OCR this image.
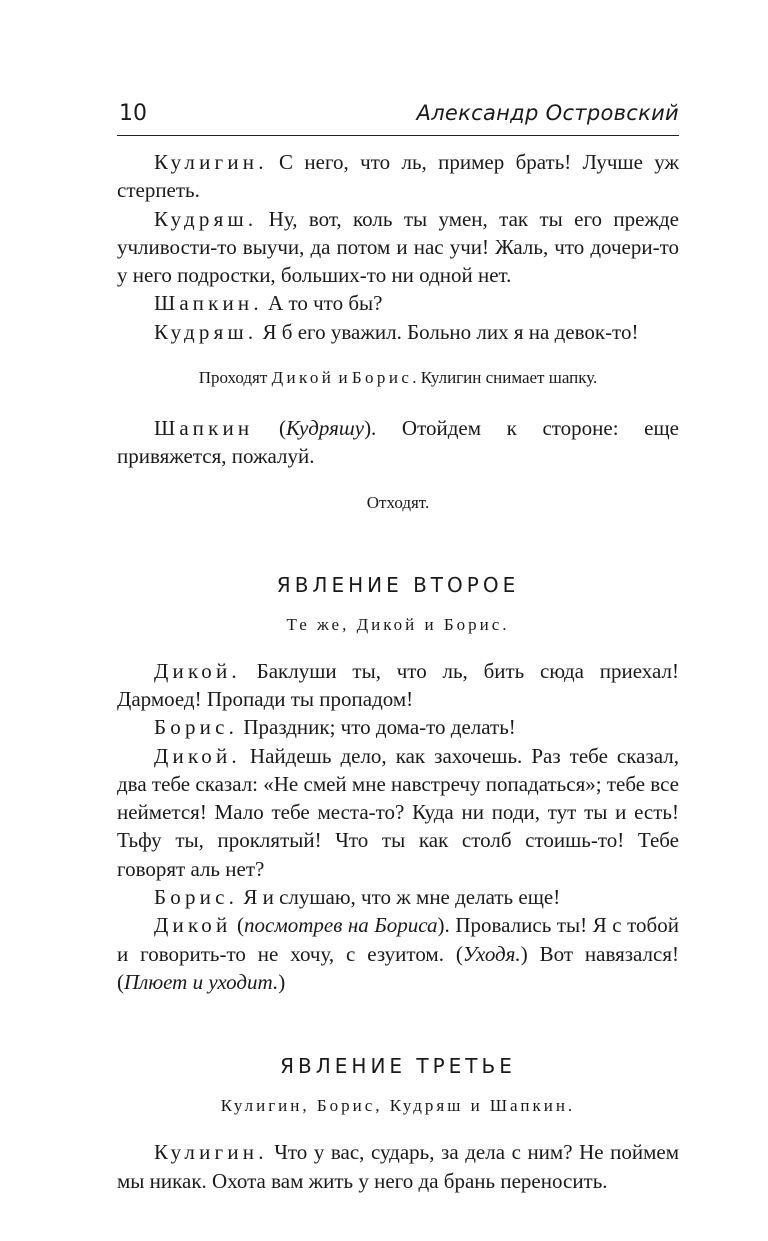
10	Александр Островский

Кулигин. С него, что ль, пример брать! Лучше уж стерпеть.

Кудряш. Ну, вот, коль ты умен, так ты его прежде учливости-то выучи, да потом и нас учи! Жаль, что дочери-то у него подростки, больших-то ни одной нет.

Шапкин. А то что бы?

Кудряш. Я б его уважил. Больно лих я на девок-то!

Проходят Дикой и Борис. Кулигин снимает шапку.

Шапкин (Кудряшу). Отойдем к стороне: еще привяжется, пожалуй.

Отходят.
ЯВЛЕНИЕ ВТОРОЕ
Те же, Дикой и Борис.

Дикой. Баклуши ты, что ль, бить сюда приехал! Дармоед! Пропади ты пропадом!

Борис. Праздник; что дома-то делать!

Дикой. Найдешь дело, как захочешь. Раз тебе сказал, два тебе сказал: «Не смей мне навстречу попадаться»; тебе все неймется! Мало тебе места-то? Куда ни поди, тут ты и есть! Тьфу ты, проклятый! Что ты как столб стоишь-то! Тебе говорят аль нет?

Борис. Я и слушаю, что ж мне делать еще!

Дикой (посмотрев на Бориса). Провались ты! Я с тобой и говорить-то не хочу, с езуитом. (Уходя.) Вот навязался! (Плюет и уходит.)

ЯВЛЕНИЕ ТРЕТЬЕ
Кулигин, Борис, Кудряш и Шапкин.

Кулигин. Что у вас, сударь, за дела с ним? Не поймем мы никак. Охота вам жить у него да брань переносить.
